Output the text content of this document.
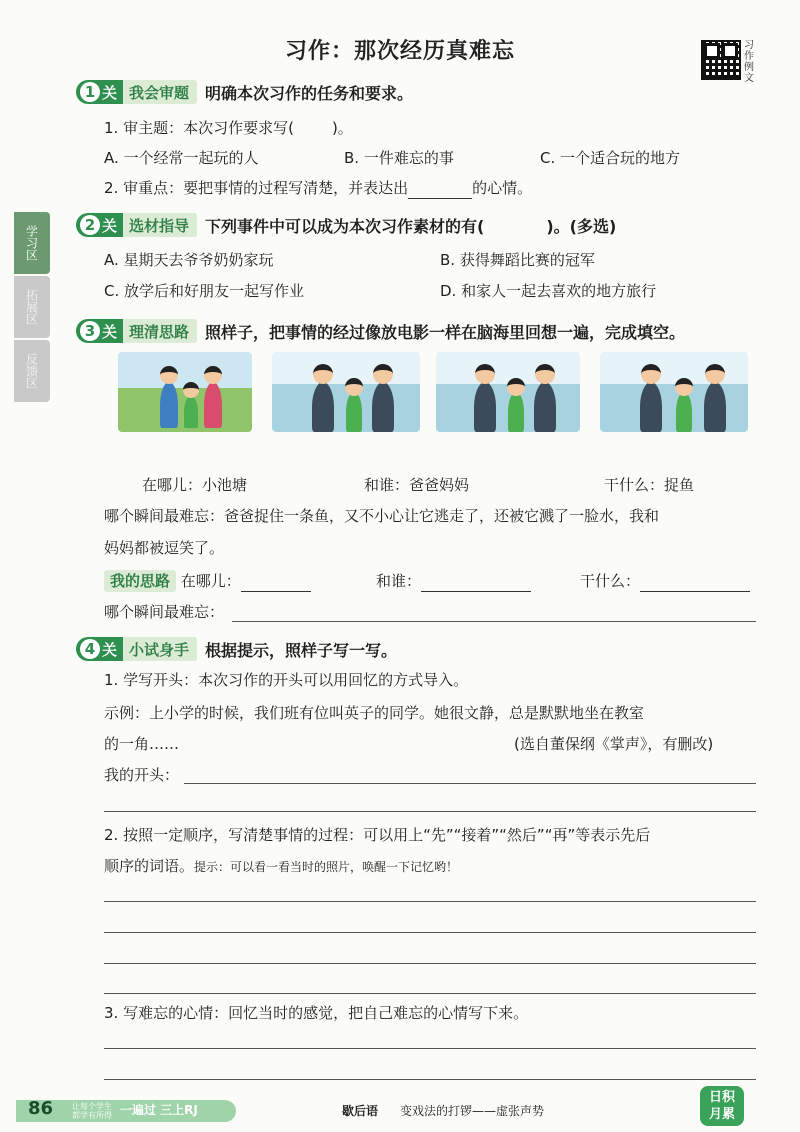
习作：那次经历真难忘	习
作
例
文
学习区
拓展区
反馈区
1 关 我会审题	明确本次习作的任务和要求。
1. 审主题：本次习作要求写(	)。
A. 一个经常一起玩的人	B. 一件难忘的事	C. 一个适合玩的地方
2. 审重点：要把事情的过程写清楚，并表达出	的心情。
2 关 选材指导	下列事件中可以成为本次习作素材的有(	)。(多选)
A. 星期天去爷爷奶奶家玩	B. 获得舞蹈比赛的冠军
C. 放学后和好朋友一起写作业	D. 和家人一起去喜欢的地方旅行
3 关 理清思路	照样子，把事情的经过像放电影一样在脑海里回想一遍，完成填空。
在哪儿：小池塘	和谁：爸爸妈妈	干什么：捉鱼
哪个瞬间最难忘：爸爸捉住一条鱼，又不小心让它逃走了，还被它溅了一脸水，我和
妈妈都被逗笑了。
我的思路 在哪儿：	和谁：	干什么：
哪个瞬间最难忘：
4 关 小试身手	根据提示，照样子写一写。
1. 学写开头：本次习作的开头可以用回忆的方式导入。
示例：上小学的时候，我们班有位叫英子的同学。她很文静，总是默默地坐在教室
的一角……	(选自董保纲《掌声》，有删改)
我的开头：
2. 按照一定顺序，写清楚事情的过程：可以用上“先”“接着”“然后”“再”等表示先后
顺序的词语。提示：可以看一看当时的照片，唤醒一下记忆哟！
3. 写难忘的心情：回忆当时的感觉，把自己难忘的心情写下来。
86 让每个学生都学有所得 一遍过 三上RJ	歇后语 变戏法的打锣——虚张声势
日积
月累
